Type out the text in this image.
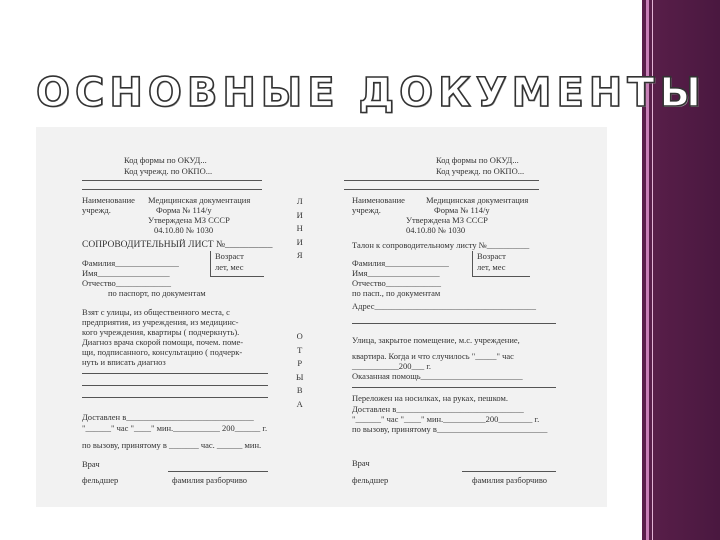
ОСНОВНЫЕ ДОКУМЕНТЫ
Код формы по ОКУД...
Код учрежд. по ОКПО...
Наименование
учрежд.
Медицинская документация
Форма № 114/у
Утверждена МЗ СССР
04.10.80 № 1030
СОПРОВОДИТЕЛЬНЫЙ ЛИСТ №__________
Фамилия_______________
Имя_________________
Отчество_____________
Возраст
лет, мес
по паспорт, по документам
Взят с улицы, из общественного места, с
предприятия, из учреждения, из медицинс-
кого учреждения, квартиры ( подчеркнуть).
Диагноз врача скорой помощи, почем. поме-
щи, подписанного, консультацию ( подчерк-
нуть и вписать диагноз
Доставлен в______________________________
"______" час "____" мин.___________ 200______ г.
по вызову, принятому в _______ час. ______ мин.
Врач
фельдшер	фамилия разборчиво
Л
И
Н
И
Я

О
Т
Р
Ы
В
А
Код формы по ОКУД...
Код учрежд. по ОКПО...
Наименование
учрежд.
Медицинская документация
Форма № 114/у
Утверждена МЗ СССР
04.10.80 № 1030
Талон к сопроводительному листу №__________
Фамилия_______________
Имя_________________
Отчество_____________
Возраст
лет, мес
по пасп., по документам
Адрес______________________________________
Улица, закрытое помещение, м.с. учреждение,
квартира. Когда и что случилось "_____" час
___________200___ г.
Оказанная помощь________________________
Переложен на носилках, на руках, пешком.
Доставлен в______________________________
"______" час "____" мин.__________200________ г.
по вызову, принятому в__________________________
Врач
фельдшер	фамилия разборчиво
